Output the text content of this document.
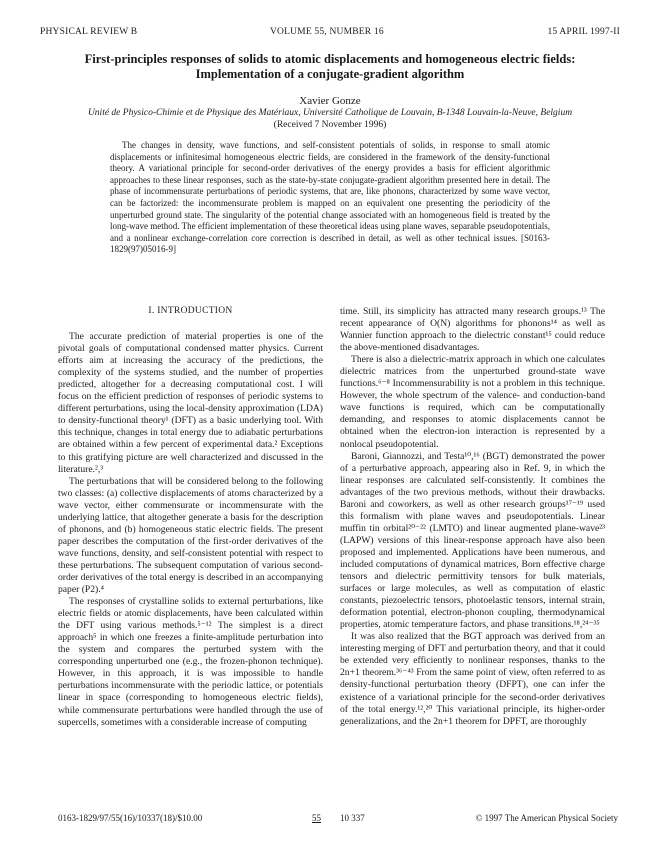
PHYSICAL REVIEW B	VOLUME 55, NUMBER 16	15 APRIL 1997-II
First-principles responses of solids to atomic displacements and homogeneous electric fields:
Implementation of a conjugate-gradient algorithm
Xavier Gonze
Unité de Physico-Chimie et de Physique des Matériaux, Université Catholique de Louvain, B-1348 Louvain-la-Neuve, Belgium
(Received 7 November 1996)
The changes in density, wave functions, and self-consistent potentials of solids, in response to small atomic displacements or infinitesimal homogeneous electric fields, are considered in the framework of the density-functional theory. A variational principle for second-order derivatives of the energy provides a basis for efficient algorithmic approaches to these linear responses, such as the state-by-state conjugate-gradient algorithm presented here in detail. The phase of incommensurate perturbations of periodic systems, that are, like phonons, characterized by some wave vector, can be factorized: the incommensurate problem is mapped on an equivalent one presenting the periodicity of the unperturbed ground state. The singularity of the potential change associated with an homogeneous field is treated by the long-wave method. The efficient implementation of these theoretical ideas using plane waves, separable pseudopotentials, and a nonlinear exchange-correlation core correction is described in detail, as well as other technical issues. [S0163-1829(97)05016-9]

I. INTRODUCTION

The accurate prediction of material properties is one of the pivotal goals of computational condensed matter physics. Current efforts aim at increasing the accuracy of the predictions, the complexity of the systems studied, and the number of properties predicted, altogether for a decreasing computational cost. I will focus on the efficient prediction of responses of periodic systems to different perturbations, using the local-density approximation (LDA) to density-functional theory¹ (DFT) as a basic underlying tool. With this technique, changes in total energy due to adiabatic perturbations are obtained within a few percent of experimental data.² Exceptions to this gratifying picture are well characterized and discussed in the literature.²,³

The perturbations that will be considered belong to the following two classes: (a) collective displacements of atoms characterized by a wave vector, either commensurate or incommensurate with the underlying lattice, that altogether generate a basis for the description of phonons, and (b) homogeneous static electric fields. The present paper describes the computation of the first-order derivatives of the wave functions, density, and self-consistent potential with respect to these perturbations. The subsequent computation of various second-order derivatives of the total energy is described in an accompanying paper (P2).⁴

The responses of crystalline solids to external perturbations, like electric fields or atomic displacements, have been calculated within the DFT using various methods.⁵⁻¹² The simplest is a direct approach⁵ in which one freezes a finite-amplitude perturbation into the system and compares the perturbed system with the corresponding unperturbed one (e.g., the frozen-phonon technique). However, in this approach, it is was impossible to handle perturbations incommensurate with the periodic lattice, or potentials linear in space (corresponding to homogeneous electric fields), while commensurate perturbations were handled through the use of supercells, sometimes with a considerable increase of computing

time. Still, its simplicity has attracted many research groups.¹³ The recent appearance of O(N) algorithms for phonons¹⁴ as well as Wannier function approach to the dielectric constant¹⁵ could reduce the above-mentioned disadvantages.

There is also a dielectric-matrix approach in which one calculates dielectric matrices from the unperturbed ground-state wave functions.⁶⁻⁸ Incommensurability is not a problem in this technique. However, the whole spectrum of the valence- and conduction-band wave functions is required, which can be computationally demanding, and responses to atomic displacements cannot be obtained when the electron-ion interaction is represented by a nonlocal pseudopotential.

Baroni, Giannozzi, and Testa¹⁰,¹⁶ (BGT) demonstrated the power of a perturbative approach, appearing also in Ref. 9, in which the linear responses are calculated self-consistently. It combines the advantages of the two previous methods, without their drawbacks. Baroni and coworkers, as well as other research groups¹⁷⁻¹⁹ used this formalism with plane waves and pseudopotentials. Linear muffin tin orbital²⁰⁻²² (LMTO) and linear augmented plane-wave²³ (LAPW) versions of this linear-response approach have also been proposed and implemented. Applications have been numerous, and included computations of dynamical matrices, Born effective charge tensors and dielectric permittivity tensors for bulk materials, surfaces or large molecules, as well as computation of elastic constants, piezoelectric tensors, photoelastic tensors, internal strain, deformation potential, electron-phonon coupling, thermodynamical properties, atomic temperature factors, and phase transitions.¹⁸,²⁴⁻³⁵

It was also realized that the BGT approach was derived from an interesting merging of DFT and perturbation theory, and that it could be extended very efficiently to nonlinear responses, thanks to the 2n+1 theorem.³⁶⁻⁴³ From the same point of view, often referred to as density-functional perturbation theory (DFPT), one can infer the existence of a variational principle for the second-order derivatives of the total energy.¹²,²⁰ This variational principle, its higher-order generalizations, and the 2n+1 theorem for DPFT, are thoroughly

0163-1829/97/55(16)/10337(18)/$10.00	55 10 337	© 1997 The American Physical Society
